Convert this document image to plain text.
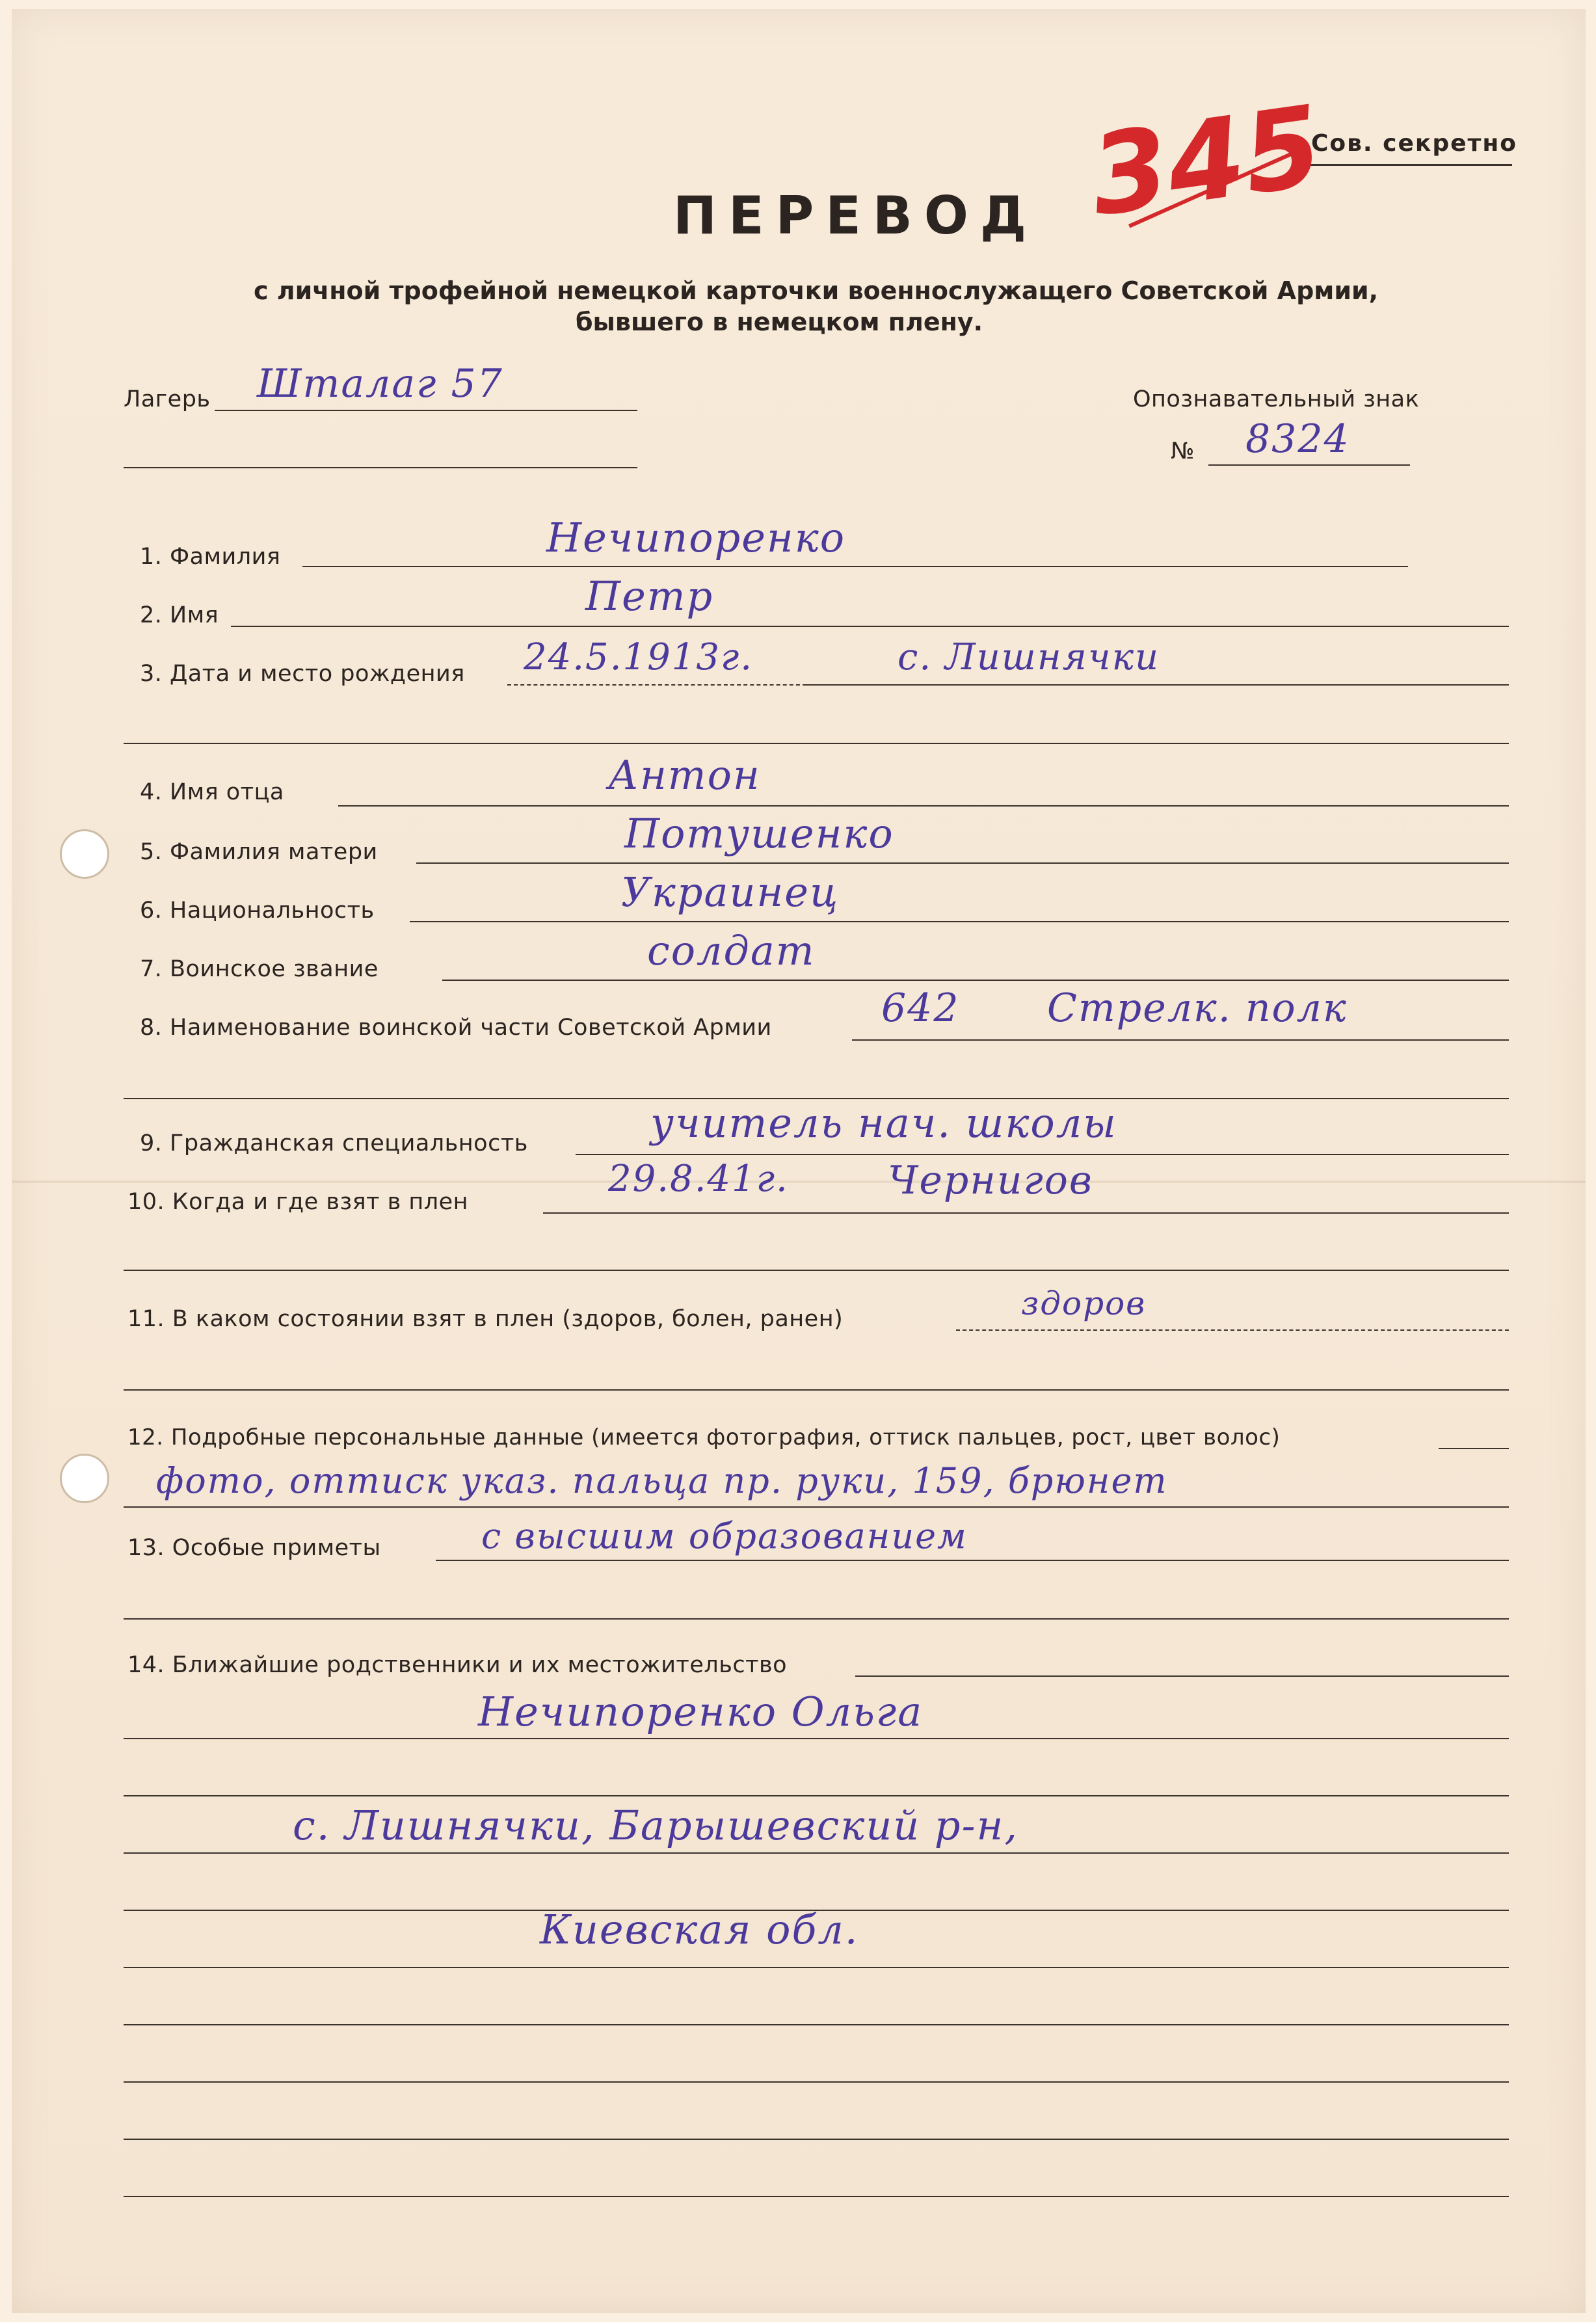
Сов. секретно
345
ПЕРЕВОД
с личной трофейной немецкой карточки военнослужащего Советской Армии,
бывшего в немецком плену.
Лагерь Шталаг 57	Опознавательный знак
№ 8324
1. Фамилия	Нечипоренко
2. Имя	Петр
3. Дата и место рождения 24.5.1913г.	с. Лишнячки
4. Имя отца	Антон
5. Фамилия матери	Потушенко
6. Национальность	Украинец
7. Воинское звание	солдат
8. Наименование воинской части Советской Армии	642 Стрелк. полк
9. Гражданская специальность	учитель нач. школы
10. Когда и где взят в плен
29.8.41г.	Чернигов
11. В каком состоянии взят в плен (здоров, болен, ранен)	здоров
12. Подробные персональные данные (имеется фотография, оттиск пальцев, рост, цвет волос)
фото, оттиск указ. пальца пр. руки, 159, брюнет
13. Особые приметы	с высшим образованием
14. Ближайшие родственники и их местожительство
Нечипоренко Ольга
с. Лишнячки, Барышевский р-н,
Киевская обл.
